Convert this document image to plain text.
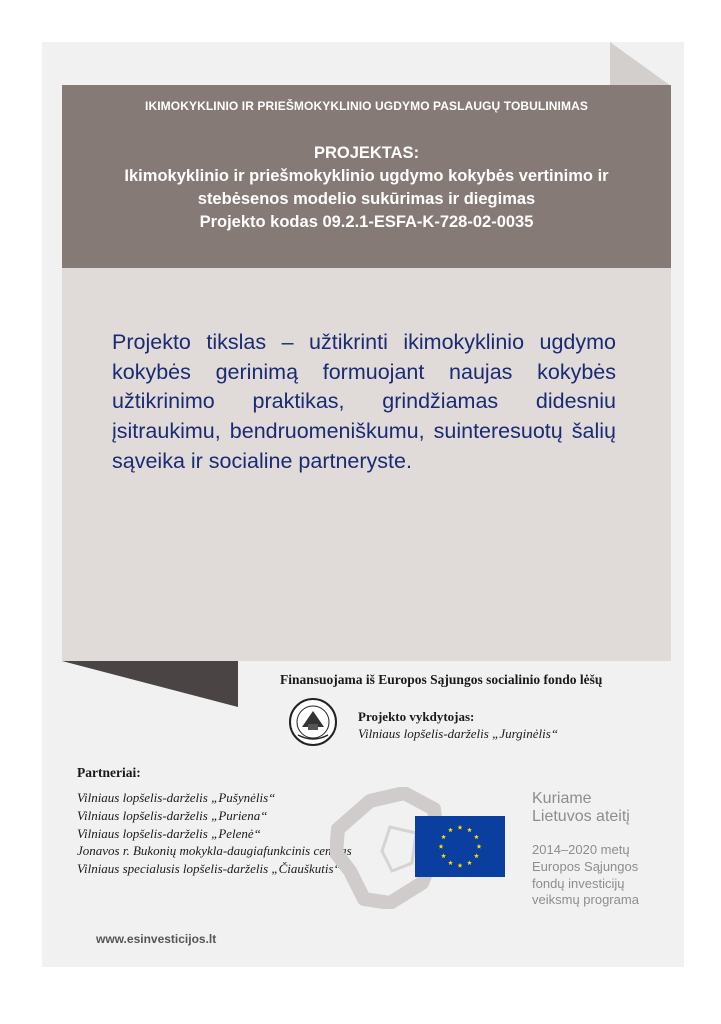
IKIMOKYKLINIO IR PRIEŠMOKYKLINIO UGDYMO PASLAUGŲ TOBULINIMAS
PROJEKTAS:
Ikimokyklinio ir priešmokyklinio ugdymo kokybės vertinimo ir
stebėsenos modelio sukūrimas ir diegimas
Projekto kodas 09.2.1-ESFA-K-728-02-0035
Projekto tikslas – užtikrinti ikimokyklinio ugdymo kokybės gerinimą formuojant naujas kokybės užtikrinimo praktikas, grindžiamas didesniu įsitraukimu, bendruomeniškumu, suinteresuotų šalių sąveika ir socialine partneryste.
Finansuojama iš Europos Sąjungos socialinio fondo lėšų
Projekto vykdytojas:
Vilniaus lopšelis-darželis „Jurginėlis“
Partneriai:
Vilniaus lopšelis-darželis „Pušynėlis“
Vilniaus lopšelis-darželis „Puriena“
Vilniaus lopšelis-darželis „Pelenė“
Jonavos r. Bukonių mokykla-daugiafunkcinis centras
Vilniaus specialusis lopšelis-darželis „Čiauškutis“
Kuriame
Lietuvos ateitį
2014–2020 metų
Europos Sąjungos
fondų investicijų
veiksmų programa
www.esinvesticijos.lt
